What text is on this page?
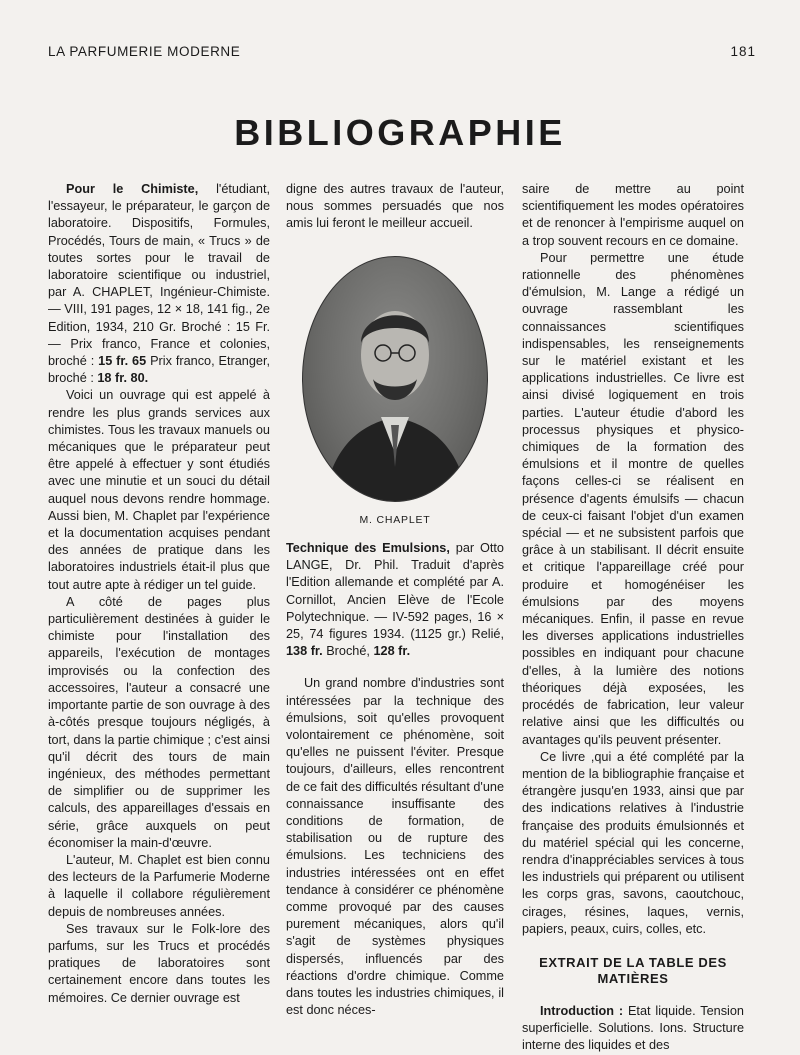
LA PARFUMERIE MODERNE	181
BIBLIOGRAPHIE

Pour le Chimiste, l'étudiant, l'essayeur, le préparateur, le garçon de laboratoire. Dispositifs, Formules, Procédés, Tours de main, « Trucs » de toutes sortes pour le travail de laboratoire scientifique ou industriel, par A. CHAPLET, Ingénieur-Chimiste. — VIII, 191 pages, 12 × 18, 141 fig., 2e Edition, 1934, 210 Gr. Broché : 15 Fr. — Prix franco, France et colonies, broché : 15 fr. 65 Prix franco, Etranger, broché : 18 fr. 80.

Voici un ouvrage qui est appelé à rendre les plus grands services aux chimistes. Tous les travaux manuels ou mécaniques que le préparateur peut être appelé à effectuer y sont étudiés avec une minutie et un souci du détail auquel nous devons rendre hommage. Aussi bien, M. Chaplet par l'expérience et la documentation acquises pendant des années de pratique dans les laboratoires industriels était-il plus que tout autre apte à rédiger un tel guide.

A côté de pages plus particulièrement destinées à guider le chimiste pour l'installation des appareils, l'exécution de montages improvisés ou la confection des accessoires, l'auteur a consacré une importante partie de son ouvrage à des à-côtés presque toujours négligés, à tort, dans la partie chimique ; c'est ainsi qu'il décrit des tours de main ingénieux, des méthodes permettant de simplifier ou de supprimer les calculs, des appareillages d'essais en série, grâce auxquels on peut économiser la main-d'œuvre.

L'auteur, M. Chaplet est bien connu des lecteurs de la Parfumerie Moderne à laquelle il collabore régulièrement depuis de nombreuses années.

Ses travaux sur le Folk-lore des parfums, sur les Trucs et procédés pratiques de laboratoires sont certainement encore dans toutes les mémoires. Ce dernier ouvrage est

digne des autres travaux de l'auteur, nous sommes persuadés que nos amis lui feront le meilleur accueil.

M. CHAPLET

Technique des Emulsions, par Otto LANGE, Dr. Phil. Traduit d'après l'Edition allemande et complété par A. Cornillot, Ancien Elève de l'Ecole Polytechnique. — IV-592 pages, 16 × 25, 74 figures 1934. (1125 gr.) Relié, 138 fr. Broché, 128 fr.

Un grand nombre d'industries sont intéressées par la technique des émulsions, soit qu'elles provoquent volontairement ce phénomène, soit qu'elles ne puissent l'éviter. Presque toujours, d'ailleurs, elles rencontrent de ce fait des difficultés résultant d'une connaissance insuffisante des conditions de formation, de stabilisation ou de rupture des émulsions. Les techniciens des industries intéressées ont en effet tendance à considérer ce phénomène comme provoqué par des causes purement mécaniques, alors qu'il s'agit de systèmes physiques dispersés, influencés par des réactions d'ordre chimique. Comme dans toutes les industries chimiques, il est donc néces-

saire de mettre au point scientifiquement les modes opératoires et de renoncer à l'empirisme auquel on a trop souvent recours en ce domaine.

Pour permettre une étude rationnelle des phénomènes d'émulsion, M. Lange a rédigé un ouvrage rassemblant les connaissances scientifiques indispensables, les renseignements sur le matériel existant et les applications industrielles. Ce livre est ainsi divisé logiquement en trois parties. L'auteur étudie d'abord les processus physiques et physico-chimiques de la formation des émulsions et il montre de quelles façons celles-ci se réalisent en présence d'agents émulsifs — chacun de ceux-ci faisant l'objet d'un examen spécial — et ne subsistent parfois que grâce à un stabilisant. Il décrit ensuite et critique l'appareillage créé pour produire et homogénéiser les émulsions par des moyens mécaniques. Enfin, il passe en revue les diverses applications industrielles possibles en indiquant pour chacune d'elles, à la lumière des notions théoriques déjà exposées, les procédés de fabrication, leur valeur relative ainsi que les difficultés ou avantages qu'ils peuvent présenter.

Ce livre ,qui a été complété par la mention de la bibliographie française et étrangère jusqu'en 1933, ainsi que par des indications relatives à l'industrie française des produits émulsionnés et du matériel spécial qui les concerne, rendra d'inappréciables services à tous les industriels qui préparent ou utilisent les corps gras, savons, caoutchouc, cirages, résines, laques, vernis, papiers, peaux, cuirs, colles, etc.

EXTRAIT DE LA TABLE DES MATIÈRES

Introduction : Etat liquide. Tension superficielle. Solutions. Ions. Structure interne des liquides et des
